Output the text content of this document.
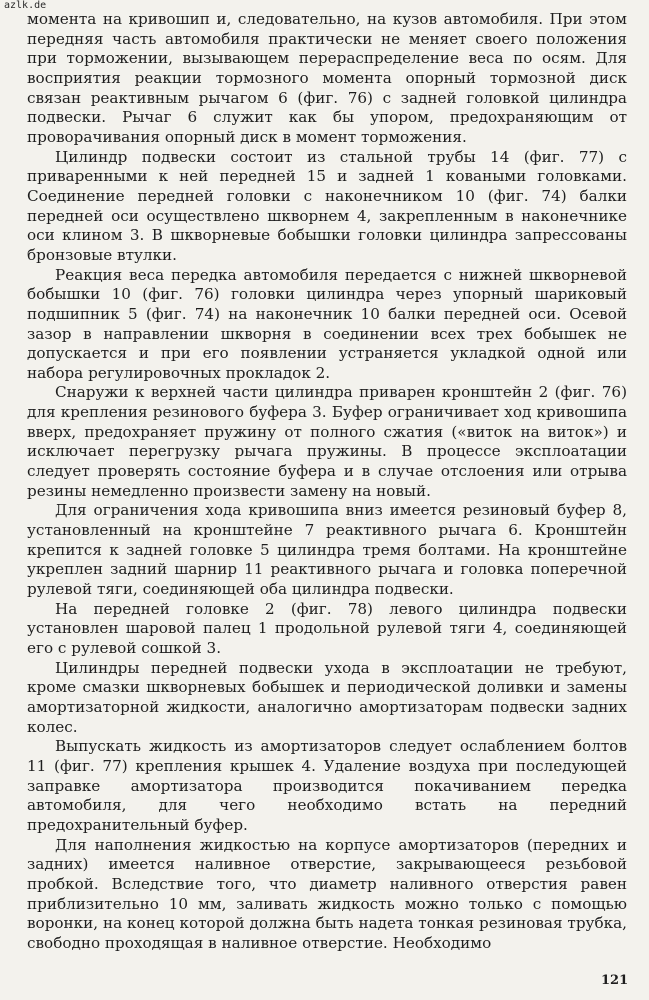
azlk.de

момента на кривошип и, следовательно, на кузов автомобиля. При этом передняя часть автомобиля практически не меняет своего положения при торможении, вызывающем перераспределение веса по осям. Для восприятия реакции тормозного момента опорный тормозной диск связан реактивным рычагом 6 (фиг. 76) с задней головкой цилиндра подвески. Рычаг 6 служит как бы упором, предохраняющим от проворачивания опорный диск в момент торможения.

Цилиндр подвески состоит из стальной трубы 14 (фиг. 77) с приваренными к ней передней 15 и задней 1 коваными головками. Соединение передней головки с наконечником 10 (фиг. 74) балки передней оси осуществлено шкворнем 4, закрепленным в наконечнике оси клином 3. В шкворневые бобышки головки цилиндра запрессованы бронзовые втулки.

Реакция веса передка автомобиля передается с нижней шкворневой бобышки 10 (фиг. 76) головки цилиндра через упорный шариковый подшипник 5 (фиг. 74) на наконечник 10 балки передней оси. Осевой зазор в направлении шкворня в соединении всех трех бобышек не допускается и при его появлении устраняется укладкой одной или набора регулировочных прокладок 2.

Снаружи к верхней части цилиндра приварен кронштейн 2 (фиг. 76) для крепления резинового буфера 3. Буфер ограничивает ход кривошипа вверх, предохраняет пружину от полного сжатия («виток на виток») и исключает перегрузку рычага пружины. В процессе эксплоатации следует проверять состояние буфера и в случае отслоения или отрыва резины немедленно произвести замену на новый.

Для ограничения хода кривошипа вниз имеется резиновый буфер 8, установленный на кронштейне 7 реактивного рычага 6. Кронштейн крепится к задней головке 5 цилиндра тремя болтами. На кронштейне укреплен задний шарнир 11 реактивного рычага и головка поперечной рулевой тяги, соединяющей оба цилиндра подвески.

На передней головке 2 (фиг. 78) левого цилиндра подвески установлен шаровой палец 1 продольной рулевой тяги 4, соединяющей его с рулевой сошкой 3.

Цилиндры передней подвески ухода в эксплоатации не требуют, кроме смазки шкворневых бобышек и периодической доливки и замены амортизаторной жидкости, аналогично амортизаторам подвески задних колес.

Выпускать жидкость из амортизаторов следует ослаблением болтов 11 (фиг. 77) крепления крышек 4. Удаление воздуха при последующей заправке амортизатора производится покачиванием передка автомобиля, для чего необходимо встать на передний предохранительный буфер.

Для наполнения жидкостью на корпусе амортизаторов (передних и задних) имеется наливное отверстие, закрывающееся резьбовой пробкой. Вследствие того, что диаметр наливного отверстия равен приблизительно 10 мм, заливать жидкость можно только с помощью воронки, на конец которой должна быть надета тонкая резиновая трубка, свободно проходящая в наливное отверстие. Необходимо

121
